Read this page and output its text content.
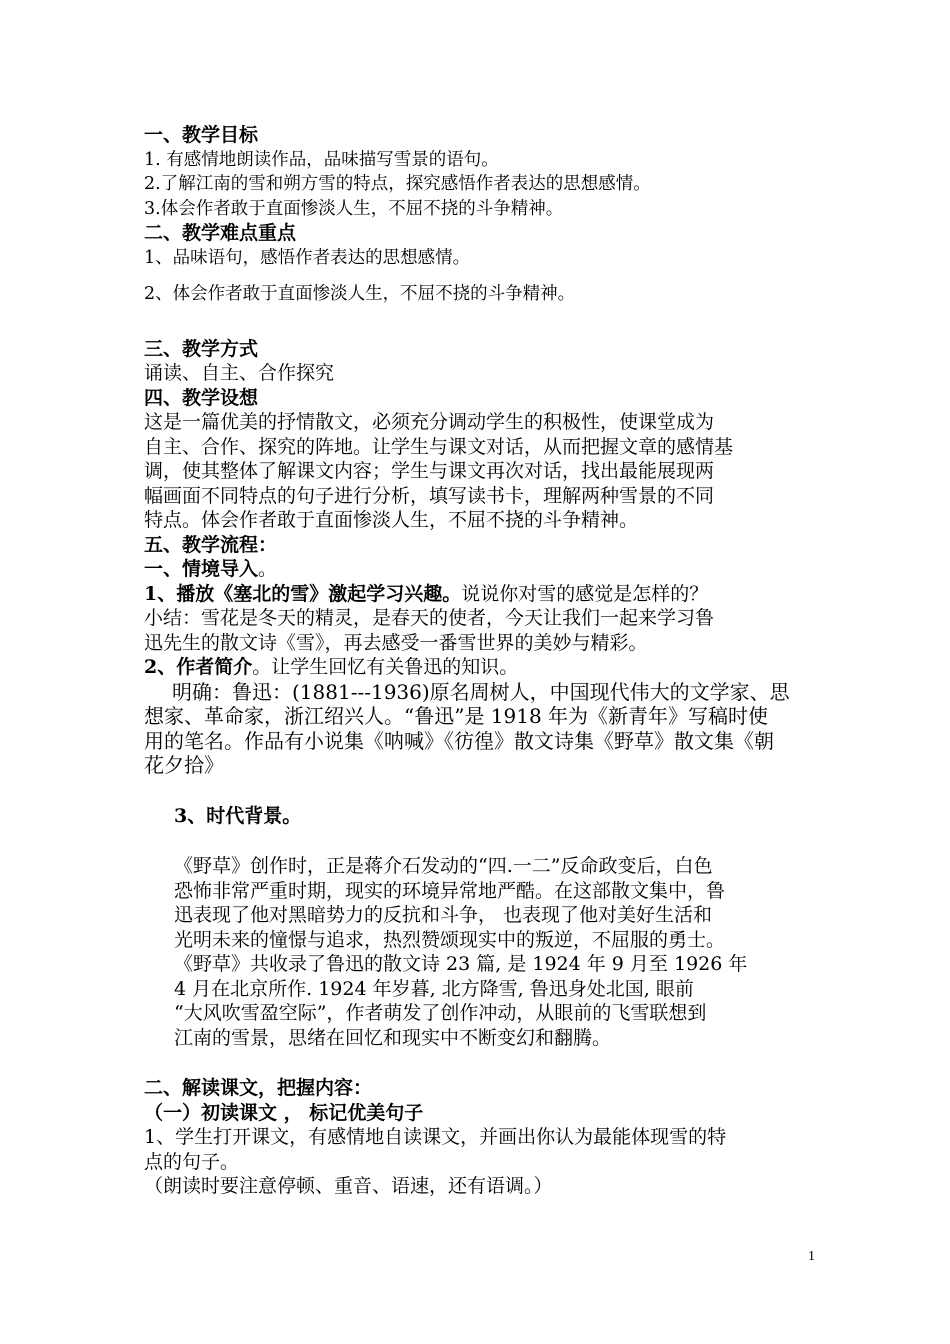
一、教学目标
1. 有感情地朗读作品，品味描写雪景的语句。
2.了解江南的雪和朔方雪的特点，探究感悟作者表达的思想感情。
3.体会作者敢于直面惨淡人生，不屈不挠的斗争精神。
二、教学难点重点
1、品味语句，感悟作者表达的思想感情。
2、体会作者敢于直面惨淡人生，不屈不挠的斗争精神。
三、教学方式
诵读、自主、合作探究
四、教学设想
这是一篇优美的抒情散文，必须充分调动学生的积极性，使课堂成为
自主、合作、探究的阵地。让学生与课文对话，从而把握文章的感情基
调，使其整体了解课文内容；学生与课文再次对话，找出最能展现两
幅画面不同特点的句子进行分析，填写读书卡，理解两种雪景的不同
特点。体会作者敢于直面惨淡人生，不屈不挠的斗争精神。
五、教学流程：
一、情境导入。
1、播放《塞北的雪》激起学习兴趣。说说你对雪的感觉是怎样的？
小结：雪花是冬天的精灵，是春天的使者，今天让我们一起来学习鲁
迅先生的散文诗《雪》，再去感受一番雪世界的美妙与精彩。
2、作者简介。让学生回忆有关鲁迅的知识。
明确：鲁迅：(1881---1936)原名周树人，中国现代伟大的文学家、思
想家、革命家，浙江绍兴人。“鲁迅”是 1918 年为《新青年》写稿时使
用的笔名。作品有小说集《呐喊》《彷徨》散文诗集《野草》散文集《朝
花夕拾》
3、时代背景。
《野草》创作时，正是蒋介石发动的“四.一二”反命政变后，白色
恐怖非常严重时期，现实的环境异常地严酷。在这部散文集中，鲁
迅表现了他对黑暗势力的反抗和斗争， 也表现了他对美好生活和
光明未来的憧憬与追求，热烈赞颂现实中的叛逆，不屈服的勇士。
《野草》共收录了鲁迅的散文诗 23 篇, 是 1924 年 9 月至 1926 年
4 月在北京所作. 1924 年岁暮, 北方降雪, 鲁迅身处北国, 眼前
“大风吹雪盈空际”，作者萌发了创作冲动，从眼前的飞雪联想到
江南的雪景，思绪在回忆和现实中不断变幻和翻腾。
二、解读课文，把握内容：
（一）初读课文 ， 标记优美句子
1、学生打开课文，有感情地自读课文，并画出你认为最能体现雪的特
点的句子。
（朗读时要注意停顿、重音、语速，还有语调。）
1
